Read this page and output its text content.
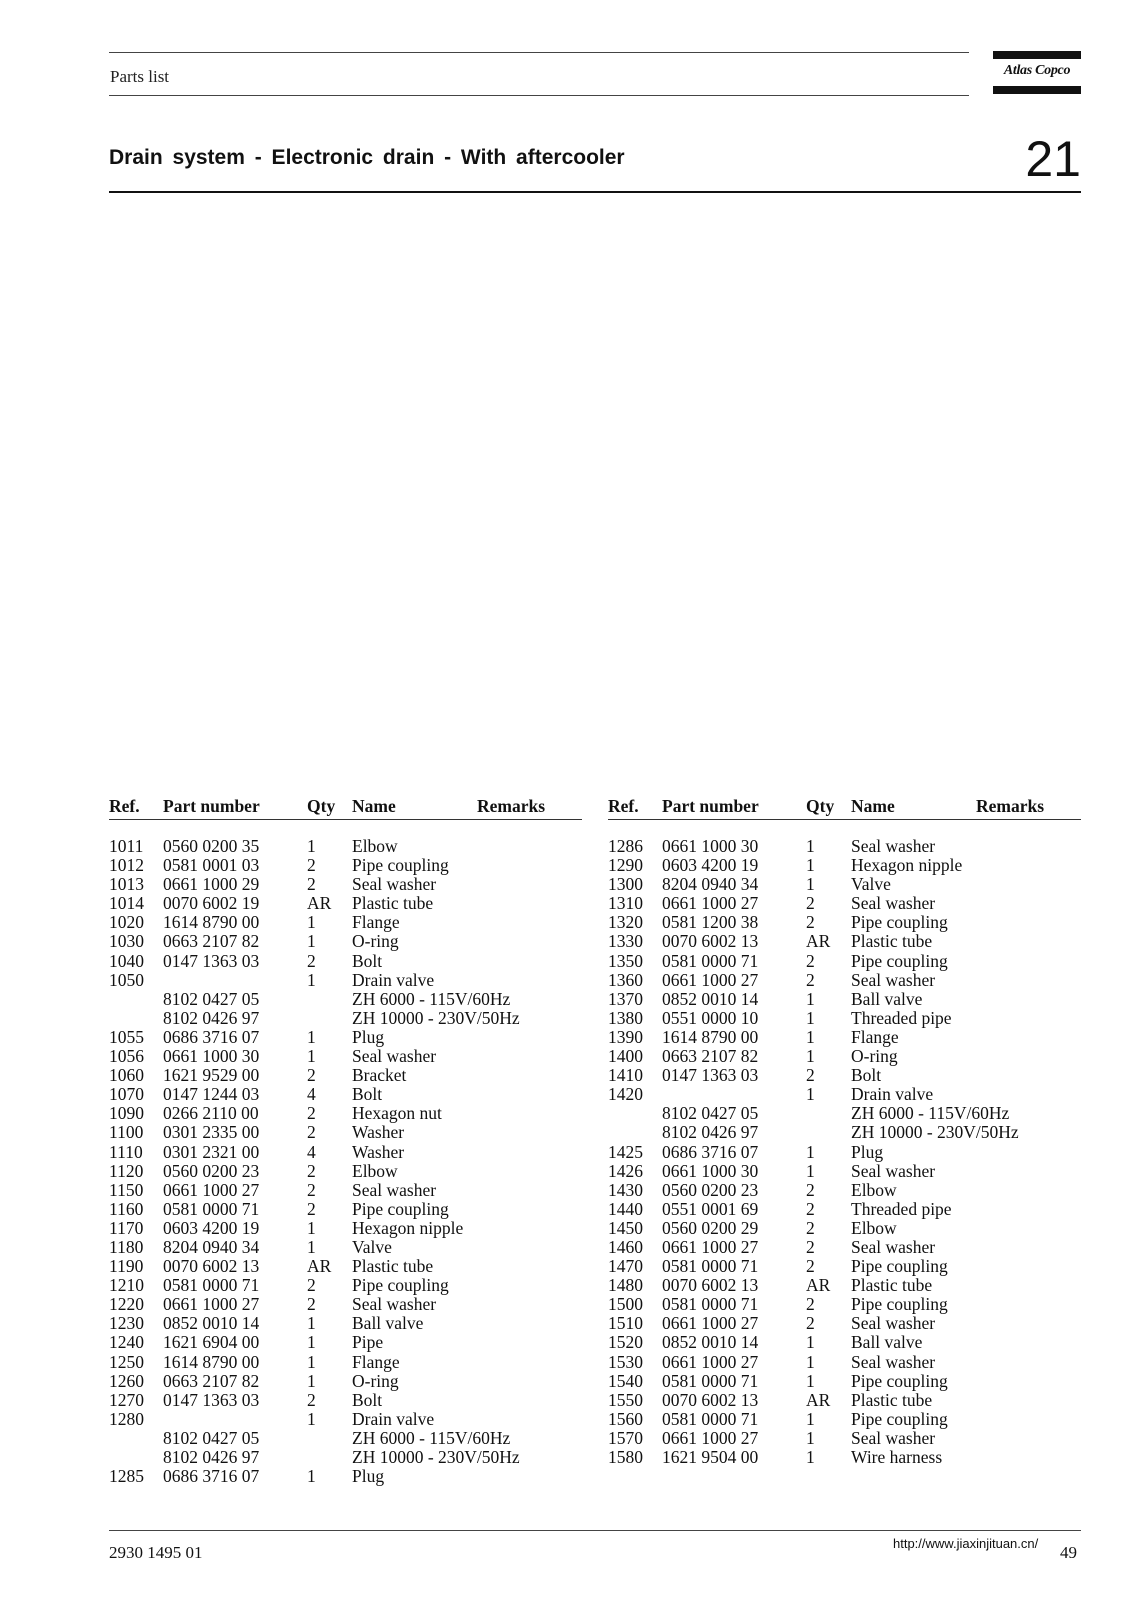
Parts list	Atlas Copco
Drain system - Electronic drain - With aftercooler	21
Ref. Part number	Qty Name	Remarks
1011 0560 0200 35	1 Elbow
1012 0581 0001 03	2 Pipe coupling
1013 0661 1000 29	2 Seal washer
1014 0070 6002 19	AR Plastic tube
1020 1614 8790 00	1 Flange
1030 0663 2107 82	1 O-ring
1040 0147 1363 03	2 Bolt
1050	1 Drain valve
8102 0427 05	ZH 6000 - 115V/60Hz
8102 0426 97	ZH 10000 - 230V/50Hz
1055 0686 3716 07	1 Plug
1056 0661 1000 30	1 Seal washer
1060 1621 9529 00	2 Bracket
1070 0147 1244 03	4 Bolt
1090 0266 2110 00	2 Hexagon nut
1100 0301 2335 00	2 Washer
1110 0301 2321 00	4 Washer
1120 0560 0200 23	2 Elbow
1150 0661 1000 27	2 Seal washer
1160 0581 0000 71	2 Pipe coupling
1170 0603 4200 19	1 Hexagon nipple
1180 8204 0940 34	1 Valve
1190 0070 6002 13	AR Plastic tube
1210 0581 0000 71	2 Pipe coupling
1220 0661 1000 27	2 Seal washer
1230 0852 0010 14	1 Ball valve
1240 1621 6904 00	1 Pipe
1250 1614 8790 00	1 Flange
1260 0663 2107 82	1 O-ring
1270 0147 1363 03	2 Bolt
1280	1 Drain valve
8102 0427 05	ZH 6000 - 115V/60Hz
8102 0426 97	ZH 10000 - 230V/50Hz
1285 0686 3716 07	1 Plug
Ref. Part number	Qty Name	Remarks
1286 0661 1000 30	1 Seal washer
1290 0603 4200 19	1 Hexagon nipple
1300 8204 0940 34	1 Valve
1310 0661 1000 27	2 Seal washer
1320 0581 1200 38	2 Pipe coupling
1330 0070 6002 13	AR Plastic tube
1350 0581 0000 71	2 Pipe coupling
1360 0661 1000 27	2 Seal washer
1370 0852 0010 14	1 Ball valve
1380 0551 0000 10	1 Threaded pipe
1390 1614 8790 00	1 Flange
1400 0663 2107 82	1 O-ring
1410 0147 1363 03	2 Bolt
1420	1 Drain valve
8102 0427 05	ZH 6000 - 115V/60Hz
8102 0426 97	ZH 10000 - 230V/50Hz
1425 0686 3716 07	1 Plug
1426 0661 1000 30	1 Seal washer
1430 0560 0200 23	2 Elbow
1440 0551 0001 69	2 Threaded pipe
1450 0560 0200 29	2 Elbow
1460 0661 1000 27	2 Seal washer
1470 0581 0000 71	2 Pipe coupling
1480 0070 6002 13	AR Plastic tube
1500 0581 0000 71	2 Pipe coupling
1510 0661 1000 27	2 Seal washer
1520 0852 0010 14	1 Ball valve
1530 0661 1000 27	1 Seal washer
1540 0581 0000 71	1 Pipe coupling
1550 0070 6002 13	AR Plastic tube
1560 0581 0000 71	1 Pipe coupling
1570 0661 1000 27	1 Seal washer
1580 1621 9504 00	1 Wire harness
2930 1495 01	http://www.jiaxinjituan.cn/ 49
